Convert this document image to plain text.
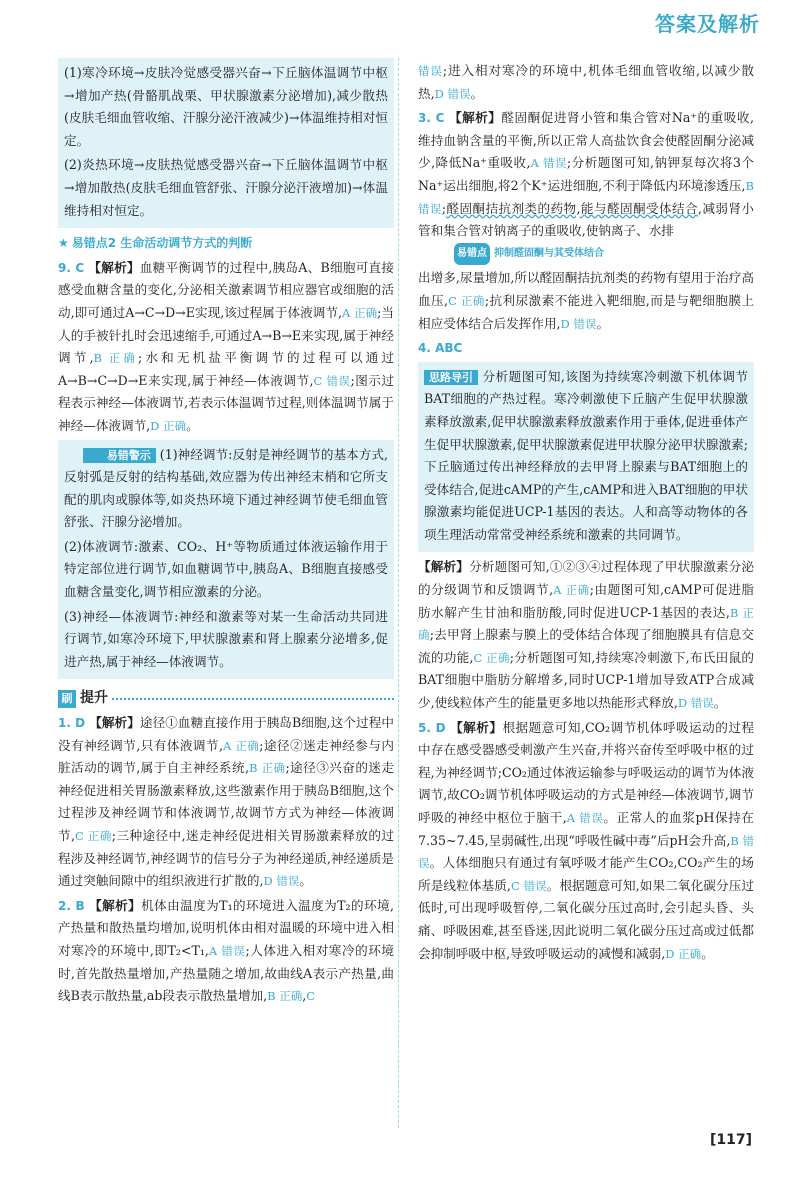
答案及解析

(1)寒冷环境→皮肤冷觉感受器兴奋→下丘脑体温调节中枢→增加产热(骨骼肌战栗、甲状腺激素分泌增加),减少散热(皮肤毛细血管收缩、汗腺分泌汗液减少)→体温维持相对恒定。

(2)炎热环境→皮肤热觉感受器兴奋→下丘脑体温调节中枢→增加散热(皮肤毛细血管舒张、汗腺分泌汗液增加)→体温维持相对恒定。

★ 易错点2 生命活动调节方式的判断

9. C 【解析】血糖平衡调节的过程中,胰岛A、B细胞可直接感受血糖含量的变化,分泌相关激素调节相应器官或细胞的活动,即可通过A→C→D→E实现,该过程属于体液调节,A 正确;当人的手被针扎时会迅速缩手,可通过A→B→E来实现,属于神经调节,B 正确;水和无机盐平衡调节的过程可以通过A→B→C→D→E来实现,属于神经—体液调节,C 错误;图示过程表示神经—体液调节,若表示体温调节过程,则体温调节属于神经—体液调节,D 正确。

易错警示 (1)神经调节:反射是神经调节的基本方式,反射弧是反射的结构基础,效应器为传出神经末梢和它所支配的肌肉或腺体等,如炎热环境下通过神经调节使毛细血管舒张、汗腺分泌增加。

(2)体液调节:激素、CO₂、H⁺等物质通过体液运输作用于特定部位进行调节,如血糖调节中,胰岛A、B细胞直接感受血糖含量变化,调节相应激素的分泌。

(3)神经—体液调节:神经和激素等对某一生命活动共同进行调节,如寒冷环境下,甲状腺激素和肾上腺素分泌增多,促进产热,属于神经—体液调节。

刷 提升

1. D 【解析】途径①血糖直接作用于胰岛B细胞,这个过程中没有神经调节,只有体液调节,A 正确;途径②迷走神经参与内脏活动的调节,属于自主神经系统,B 正确;途径③兴奋的迷走神经促进相关胃肠激素释放,这些激素作用于胰岛B细胞,这个过程涉及神经调节和体液调节,故调节方式为神经—体液调节,C 正确;三种途径中,迷走神经促进相关胃肠激素释放的过程涉及神经调节,神经调节的信号分子为神经递质,神经递质是通过突触间隙中的组织液进行扩散的,D 错误。

2. B 【解析】机体由温度为T₁的环境进入温度为T₂的环境,产热量和散热量均增加,说明机体由相对温暖的环境中进入相对寒冷的环境中,即T₂<T₁,A 错误;人体进入相对寒冷的环境时,首先散热量增加,产热量随之增加,故曲线A表示产热量,曲线B表示散热量,ab段表示散热量增加,B 正确,C

错误;进入相对寒冷的环境中,机体毛细血管收缩,以减少散热,D 错误。

3. C 【解析】醛固酮促进肾小管和集合管对Na⁺的重吸收,维持血钠含量的平衡,所以正常人高盐饮食会使醛固酮分泌减少,降低Na⁺重吸收,A 错误;分析题图可知,钠钾泵每次将3个Na⁺运出细胞,将2个K⁺运进细胞,不利于降低内环境渗透压,B 错误;醛固酮拮抗剂类的药物,能与醛固酮受体结合,减弱肾小管和集合管对钠离子的重吸收,使钠离子、水排

易错点 抑制醛固酮与其受体结合

出增多,尿量增加,所以醛固酮拮抗剂类的药物有望用于治疗高血压,C 正确;抗利尿激素不能进入靶细胞,而是与靶细胞膜上相应受体结合后发挥作用,D 错误。

4. ABC

思路导引 分析题图可知,该图为持续寒冷刺激下机体调节BAT细胞的产热过程。寒冷刺激使下丘脑产生促甲状腺激素释放激素,促甲状腺激素释放激素作用于垂体,促进垂体产生促甲状腺激素,促甲状腺激素促进甲状腺分泌甲状腺激素;下丘脑通过传出神经释放的去甲肾上腺素与BAT细胞上的受体结合,促进cAMP的产生,cAMP和进入BAT细胞的甲状腺激素均能促进UCP-1基因的表达。人和高等动物体的各项生理活动常常受神经系统和激素的共同调节。

【解析】分析题图可知,①②③④过程体现了甲状腺激素分泌的分级调节和反馈调节,A 正确;由题图可知,cAMP可促进脂肪水解产生甘油和脂肪酸,同时促进UCP-1基因的表达,B 正确;去甲肾上腺素与膜上的受体结合体现了细胞膜具有信息交流的功能,C 正确;分析题图可知,持续寒冷刺激下,布氏田鼠的BAT细胞中脂肪分解增多,同时UCP-1增加导致ATP合成减少,使线粒体产生的能量更多地以热能形式释放,D 错误。

5. D 【解析】根据题意可知,CO₂调节机体呼吸运动的过程中存在感受器感受刺激产生兴奋,并将兴奋传至呼吸中枢的过程,为神经调节;CO₂通过体液运输参与呼吸运动的调节为体液调节,故CO₂调节机体呼吸运动的方式是神经—体液调节,调节呼吸的神经中枢位于脑干,A 错误。正常人的血浆pH保持在7.35~7.45,呈弱碱性,出现“呼吸性碱中毒”后pH会升高,B 错误。人体细胞只有通过有氧呼吸才能产生CO₂,CO₂产生的场所是线粒体基质,C 错误。根据题意可知,如果二氧化碳分压过低时,可出现呼吸暂停,二氧化碳分压过高时,会引起头昏、头痛、呼吸困难,甚至昏迷,因此说明二氧化碳分压过高或过低都会抑制呼吸中枢,导致呼吸运动的减慢和减弱,D 正确。

[117]
